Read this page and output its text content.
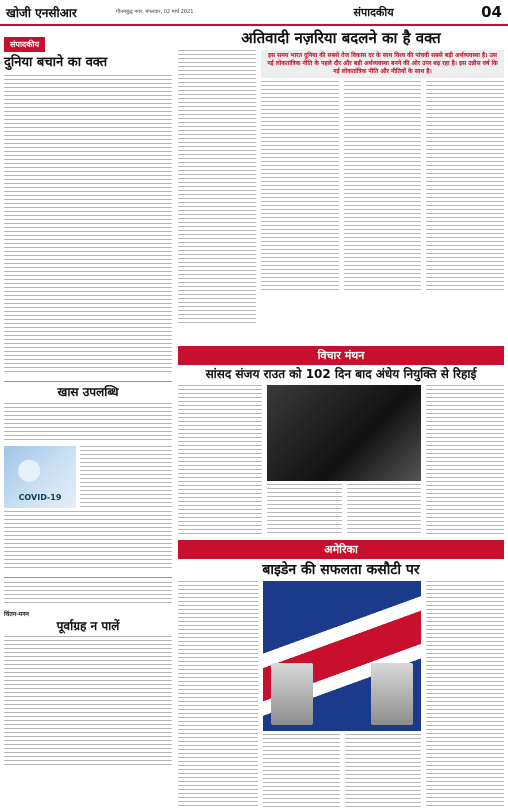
खोजी एनसीआर	गौतमबुद्ध नगर, मंगलवार, 02 मार्च 2021	संपादकीय	04
संपादकीय
दुनिया बचाने का वक्त
खास उपलब्धि
COVID-19
चिंतन-मनन
पूर्वाग्रह न पालें
अतिवादी नज़रिया बदलने का है वक्त
इस समय भारत दुनिया की सबसे तेज विकास दर के साथ विश्व की पांचवी सबसे बड़ी अर्थव्यवस्था है। उस नई लोकतांत्रिक नीति के पहले दौर और बड़ी अर्थव्यवस्था बनने की ओर उपर बढ़ रहा है। इस उन्नीस वर्ष कि नई लोकतांत्रिक नीति और नीतियों के साथ है।
विचार मंथन
सांसद संजय राउत को 102 दिन बाद अंधेय नियुक्ति से रिहाई
अमेरिका
बाइडेन की सफलता कसौटी पर
